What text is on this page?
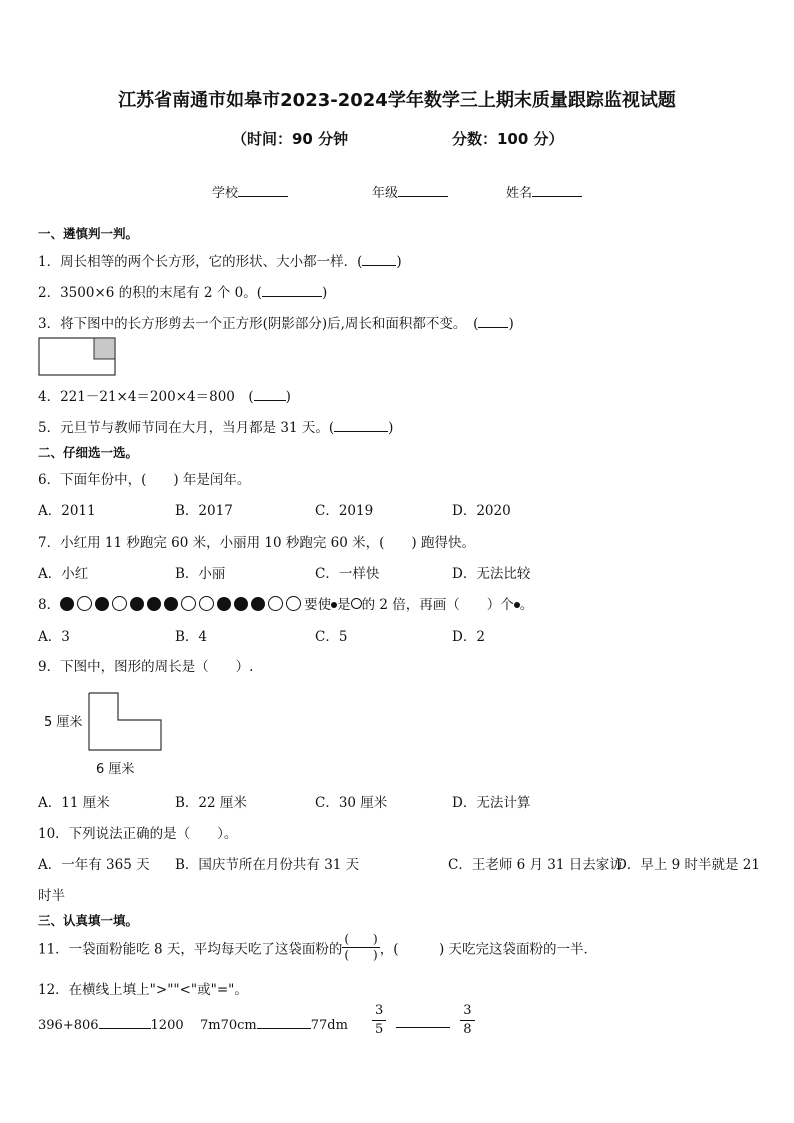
江苏省南通市如皋市2023-2024学年数学三上期末质量跟踪监视试题
（时间：90 分钟	分数：100 分）
学校	年级	姓名
一、遴慎判一判。
1．周长相等的两个长方形，它的形状、大小都一样．(	)
2．3500×6 的积的末尾有 2 个 0。(	)
3．将下图中的长方形剪去一个正方形(阴影部分)后,周长和面积都不变。　( )
4．221－21×4＝200×4＝800　( )
5．元旦节与教师节同在大月，当月都是 31 天。(	)
二、仔细选一选。
6．下面年份中，(　　) 年是闰年。
A．2011	B．2017	C．2019	D．2020
7．小红用 11 秒跑完 60 米，小丽用 10 秒跑完 60 米，(　　) 跑得快。
A．小红	B．小丽	C．一样快	D．无法比较
8．	要使 是 的 2 倍，再画（　　）个 。
A．3	B．4	C．5	D．2
9．下图中，图形的周长是（　　）.
5 厘米
6 厘米
A．11 厘米	B．22 厘米	C．30 厘米	D．无法计算
10．下列说法正确的是（　　）。
A．一年有 365 天 B．国庆节所在月份共有 31 天	C．王老师 6 月 31 日去家访
D．早上 9 时半就是 21
时半
三、认真填一填。
11．一袋面粉能吃 8 天，平均每天吃了这袋面粉的 $\frac{( )}{( )}$ ，(　　　) 天吃完这袋面粉的一半．
12．在横线上填上">""<"或"="。
396+806	1200 7m70cm	$77dm \frac{3}{5}$	$\frac{3}{8}$
